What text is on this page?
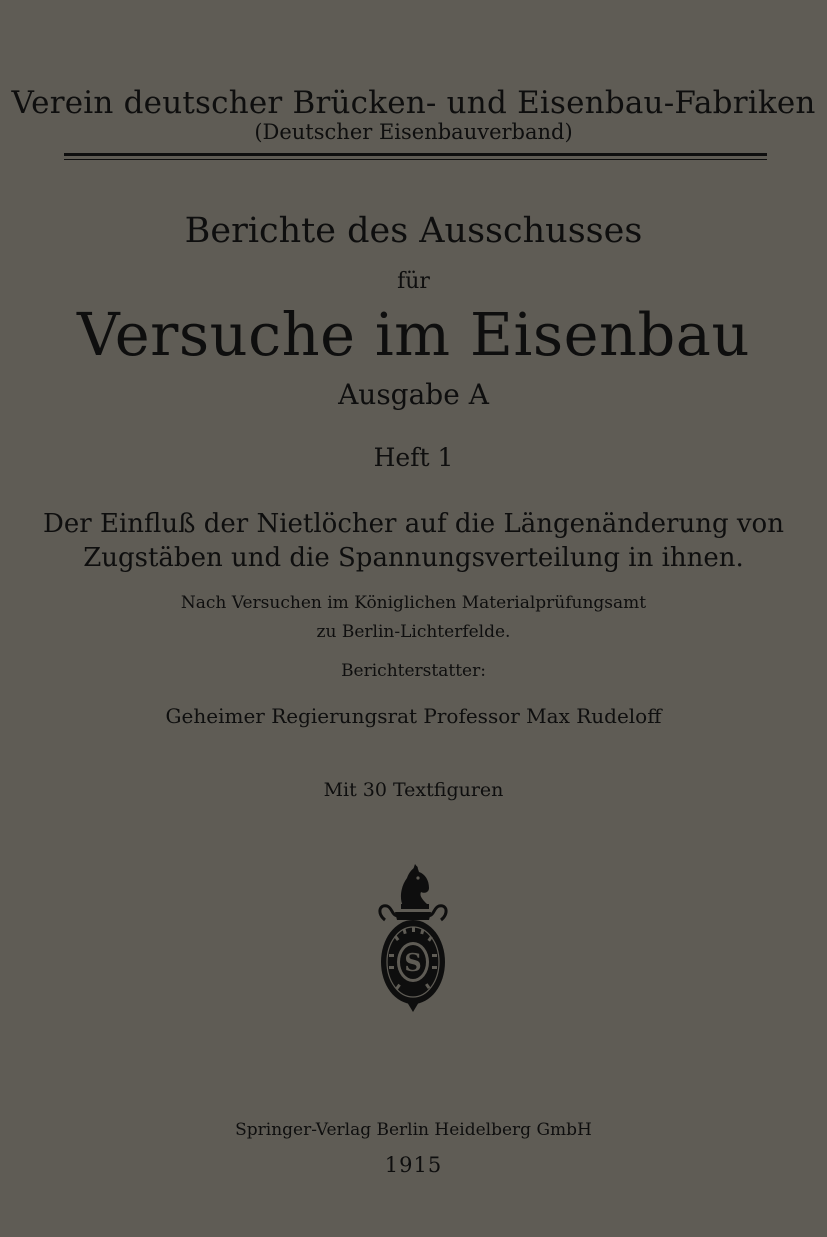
Verein deutscher Brücken- und Eisenbau-Fabriken
(Deutscher Eisenbauverband)
Berichte des Ausschusses
für
Versuche im Eisenbau
Ausgabe A
Heft 1
Der Einfluß der Nietlöcher auf die Längenänderung von
Zugstäben und die Spannungsverteilung in ihnen.
Nach Versuchen im Königlichen Materialprüfungsamt
zu Berlin-Lichterfelde.
Berichterstatter:
Geheimer Regierungsrat Professor Max Rudeloff
Mit 30 Textfiguren
S
Springer-Verlag Berlin Heidelberg GmbH
1915
